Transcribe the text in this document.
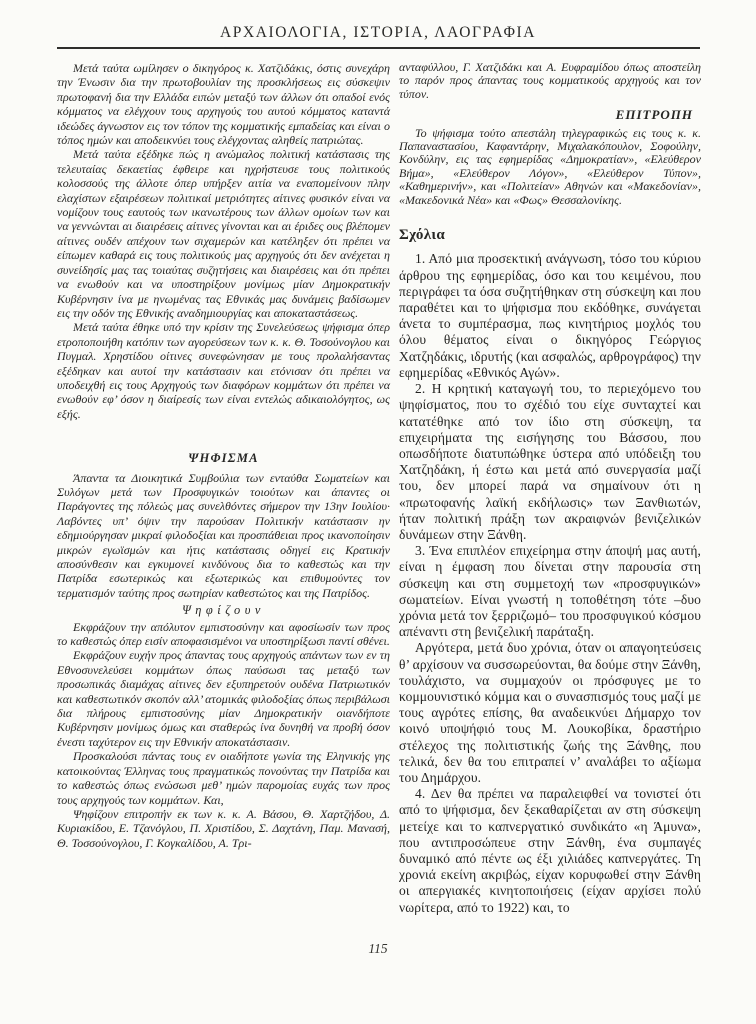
ΑΡΧΑΙΟΛΟΓΙΑ, ΙΣΤΟΡΙΑ, ΛΑΟΓΡΑΦΙΑ

Μετά ταύτα ωμίλησεν ο δικηγόρος κ. Χατζιδάκις, όστις συνεχάρη την Ένωσιν δια την πρωτοβουλίαν της προσκλήσεως εις σύσκεψιν πρωτοφανή δια την Ελλάδα ειπών μεταξύ των άλλων ότι οπαδοί ενός κόμματος να ελέγχουν τους αρχηγούς του αυτού κόμματος καταντά ιδεώδες άγνωστον εις τον τόπον της κομματικής εμπαδείας και είναι ο τόπος ημών και αποδεικνύει τους ελέγχοντας αληθείς πατριώτας.

Μετά ταύτα εξέδηκε πώς η ανώμαλος πολιτική κατάστασις της τελευταίας δεκαετίας έφθειρε και ηχρήστευσε τους πολιτικούς κολοσσούς της άλλοτε όπερ υπήρξεν αιτία να εναπομείνουν πλην ελαχίστων εξαιρέσεων πολιτικαί μετριότητες αίτινες φυσικόν είναι να νομίζουν τους εαυτούς των ικανωτέρους των άλλων ομοίων των και να γεννώνται αι διαιρέσεις αίτινες γίνονται και αι έριδες ους βλέπομεν αίτινες ουδέν απέχουν των σιχαμερών και κατέληξεν ότι πρέπει να είπωμεν καθαρά εις τους πολιτικούς μας αρχηγούς ότι δεν ανέχεται η συνείδησίς μας τας τοιαύτας συζητήσεις και διαιρέσεις και ότι πρέπει να ενωθούν και να υποστηρίξουν μονίμως μίαν Δημοκρατικήν Κυβέρνησιν ίνα με ηνωμένας τας Εθνικάς μας δυνάμεις βαδίσωμεν εις την οδόν της Εθνικής αναδημιουργίας και αποκαταστάσεως.

Μετά ταύτα έθηκε υπό την κρίσιν της Συνελεύσεως ψήφισμα όπερ ετροποποιήθη κατόπιν των αγορεύσεων των κ. κ. Θ. Τοσούνογλου και Πυγμαλ. Χρηστίδου οίτινες συνεφώνησαν με τους προλαλήσαντας εξέδηκαν και αυτοί την κατάστασιν και ετόνισαν ότι πρέπει να υποδειχθή εις τους Αρχηγούς των διαφόρων κομμάτων ότι πρέπει να ενωθούν εφ’ όσον η διαίρεσίς των είναι εντελώς αδικαιολόγητος, ως εξής.

ΨΗΦΙΣΜΑ

Άπαντα τα Διοικητικά Συμβούλια των ενταύθα Σωματείων και Συλόγων μετά των Προσφυγικών τοιούτων και άπαντες οι Παράγοντες της πόλεώς μας συνελθόντες σήμερον την 13ην Ιουλίου· Λαβόντες υπ’ όψιν την παρούσαν Πολιτικήν κατάστασιν ην εδημιούργησαν μικραί φιλοδοξίαι και προσπάθειαι προς ικανοποίησιν μικρών εγωϊσμών και ήτις κατάστασις οδηγεί εις Κρατικήν αποσύνθεσιν και εγκυμονεί κινδύνους δια το καθεστώς και την Πατρίδα εσωτερικώς και εξωτερικώς και επιθυμούντες τον τερματισμόν ταύτης προς σωτηρίαν καθεστώτος και της Πατρίδος.

Ψηφίζουν

Εκφράζουν την απόλυτον εμπιστοσύνην και αφοσίωσίν των προς το καθεστώς όπερ εισίν αποφασισμένοι να υποστηρίξωσι παντί σθένει.

Εκφράζουν ευχήν προς άπαντας τους αρχηγούς απάντων των εν τη Εθνοσυνελεύσει κομμάτων όπως παύσωσι τας μεταξύ των προσωπικάς διαμάχας αίτινες δεν εξυπηρετούν ουδένα Πατριωτικόν και καθεστωτικόν σκοπόν αλλ’ ατομικάς φιλοδοξίας όπως περιβάλωσι δια πλήρους εμπιστοσύνης μίαν Δημοκρατικήν οιανδήποτε Κυβέρνησιν μονίμως όμως και σταθερώς ίνα δυνηθή να προβή όσον ένεστι ταχύτερον εις την Εθνικήν αποκατάστασιν.

Προσκαλούσι πάντας τους εν οιαδήποτε γωνία της Εληνικής γης κατοικούντας Έλληνας τους πραγματικώς πονούντας την Πατρίδα και το καθεστώς όπως ενώσωσι μεθ’ ημών παρομοίας ευχάς των προς τους αρχηγούς των κομμάτων. Και,

Ψηφίζουν επιτροπήν εκ των κ. κ. Α. Βάσου, Θ. Χαρτζήδου, Δ. Κυριακίδου, Ε. Τζανόγλου, Π. Χριστίδου, Σ. Δαχτάνη, Παμ. Μανασή, Θ. Τοσσούνογλου, Γ. Κογκαλίδου, Α. Τρι-

ανταφύλλου, Γ. Χατζιδάκι και Α. Ευφραμίδου όπως αποστείλη το παρόν προς άπαντας τους κομματικούς αρχηγούς και τον τύπον.

ΕΠΙΤΡΟΠΗ

Το ψήφισμα τούτο απεστάλη τηλεγραφικώς εις τους κ. κ. Παπαναστασίου, Καφαντάρην, Μιχαλακόπουλον, Σοφούλην, Κονδύλην, εις τας εφημερίδας «Δημοκρατίαν», «Ελεύθερον Βήμα», «Ελεύθερον Λόγον», «Ελεύθερον Τύπον», «Καθημερινήν», και «Πολιτείαν» Αθηνών και «Μακεδονίαν», «Μακεδονικά Νέα» και «Φως» Θεσσαλονίκης.

Σχόλια

1. Από μια προσεκτική ανάγνωση, τόσο του κύριου άρθρου της εφημερίδας, όσο και του κειμένου, που περιγράφει τα όσα συζητήθηκαν στη σύσκεψη και που παραθέτει και το ψήφισμα που εκδόθηκε, συνάγεται άνετα το συμπέρασμα, πως κινητήριος μοχλός του όλου θέματος είναι ο δικηγόρος Γεώργιος Χατζηδάκις, ιδρυτής (και ασφαλώς, αρθρογράφος) την εφημερίδας «Εθνικός Αγών».

2. Η κρητική καταγωγή του, το περιεχόμενο του ψηφίσματος, που το σχέδιό του είχε συνταχτεί και κατατέθηκε από τον ίδιο στη σύσκεψη, τα επιχειρήματα της εισήγησης του Βάσσου, που οπωσδήποτε διατυπώθηκε ύστερα από υπόδειξη του Χατζηδάκη, ή έστω και μετά από συνεργασία μαζί του, δεν μπορεί παρά να σημαίνουν ότι η «πρωτοφανής λαϊκή εκδήλωσις» των Ξανθιωτών, ήταν πολιτική πράξη των ακραιφνών βενιζελικών δυνάμεων στην Ξάνθη.

3. Ένα επιπλέον επιχείρημα στην άποψή μας αυτή, είναι η έμφαση που δίνεται στην παρουσία στη σύσκεψη και στη συμμετοχή των «προσφυγικών» σωματείων. Είναι γνωστή η τοποθέτηση τότε –δυο χρόνια μετά τον ξερριζωμό– του προσφυγικού κόσμου απέναντι στη βενιζελική παράταξη.

Αργότερα, μετά δυο χρόνια, όταν οι απαγοητεύσεις θ’ αρχίσουν να συσσωρεύονται, θα δούμε στην Ξάνθη, τουλάχιστο, να συμμαχούν οι πρόσφυγες με το κομμουνιστικό κόμμα και ο συνασπισμός τους μαζί με τους αγρότες επίσης, θα αναδεικνύει Δήμαρχο τον κοινό υποψήφιό τους Μ. Λουκοβίκα, δραστήριο στέλεχος της πολιτιστικής ζωής της Ξάνθης, που τελικά, δεν θα του επιτραπεί ν’ αναλάβει το αξίωμα του Δημάρχου.

4. Δεν θα πρέπει να παραλειφθεί να τονιστεί ότι από το ψήφισμα, δεν ξεκαθαρίζεται αν στη σύσκεψη μετείχε και το καπνεργατικό συνδικάτο «η Άμυνα», που αντιπροσώπευε στην Ξάνθη, ένα συμπαγές δυναμικό από πέντε ως έξι χιλιάδες καπνεργάτες. Τη χρονιά εκείνη ακριβώς, είχαν κορυφωθεί στην Ξάνθη οι απεργιακές κινητοποιήσεις (είχαν αρχίσει πολύ νωρίτερα, από το 1922) και, το

115
